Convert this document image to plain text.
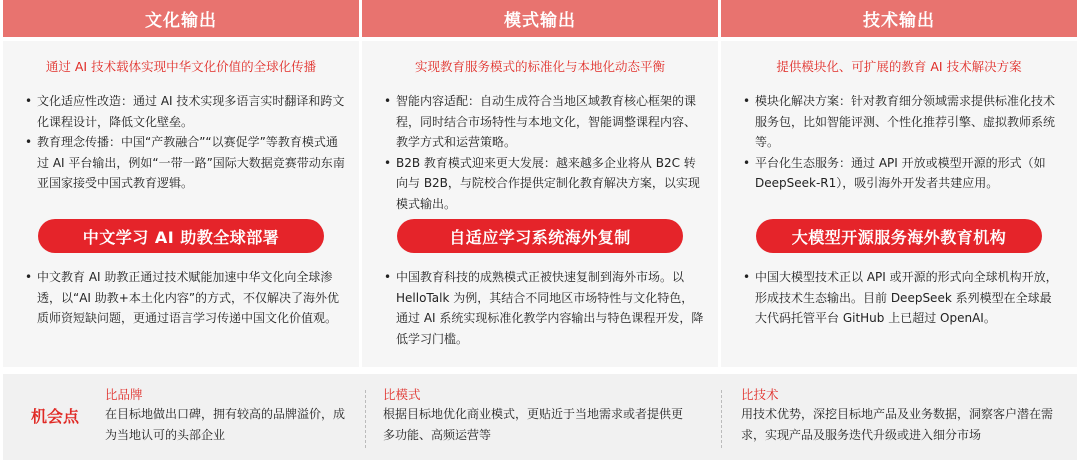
文化输出
通过 AI 技术载体实现中华文化价值的全球化传播
• 文化适应性改造：通过 AI 技术实现多语言实时翻译和跨文化课程设计，降低文化壁垒。
• 教育理念传播：中国“产教融合”“以赛促学”等教育模式通过 AI 平台输出，例如“一带一路”国际大数据竞赛带动东南亚国家接受中国式教育逻辑。
中文学习 AI 助教全球部署
• 中文教育 AI 助教正通过技术赋能加速中华文化向全球渗透，以“AI 助教+本土化内容”的方式，不仅解决了海外优质师资短缺问题，更通过语言学习传递中国文化价值观。
模式输出
实现教育服务模式的标准化与本地化动态平衡
• 智能内容适配：自动生成符合当地区域教育核心框架的课程，同时结合市场特性与本地文化，智能调整课程内容、教学方式和运营策略。
• B2B 教育模式迎来更大发展：越来越多企业将从 B2C 转向与 B2B，与院校合作提供定制化教育解决方案，以实现模式输出。
自适应学习系统海外复制
• 中国教育科技的成熟模式正被快速复制到海外市场。以 HelloTalk 为例，其结合不同地区市场特性与文化特色，通过 AI 系统实现标准化教学内容输出与特色课程开发，降低学习门槛。
技术输出
提供模块化、可扩展的教育 AI 技术解决方案
• 模块化解决方案：针对教育细分领域需求提供标准化技术服务包，比如智能评测、个性化推荐引擎、虚拟教师系统等。
• 平台化生态服务：通过 API 开放或模型开源的形式（如 DeepSeek-R1），吸引海外开发者共建应用。
大模型开源服务海外教育机构
• 中国大模型技术正以 API 或开源的形式向全球机构开放，形成技术生态输出。目前 DeepSeek 系列模型在全球最大代码托管平台 GitHub 上已超过 OpenAI。
机会点
比品牌
在目标地做出口碑，拥有较高的品牌溢价，成为当地认可的头部企业
比模式
根据目标地优化商业模式，更贴近于当地需求或者提供更多功能、高频运营等
比技术
用技术优势，深挖目标地产品及业务数据，洞察客户潜在需求，实现产品及服务迭代升级或进入细分市场
